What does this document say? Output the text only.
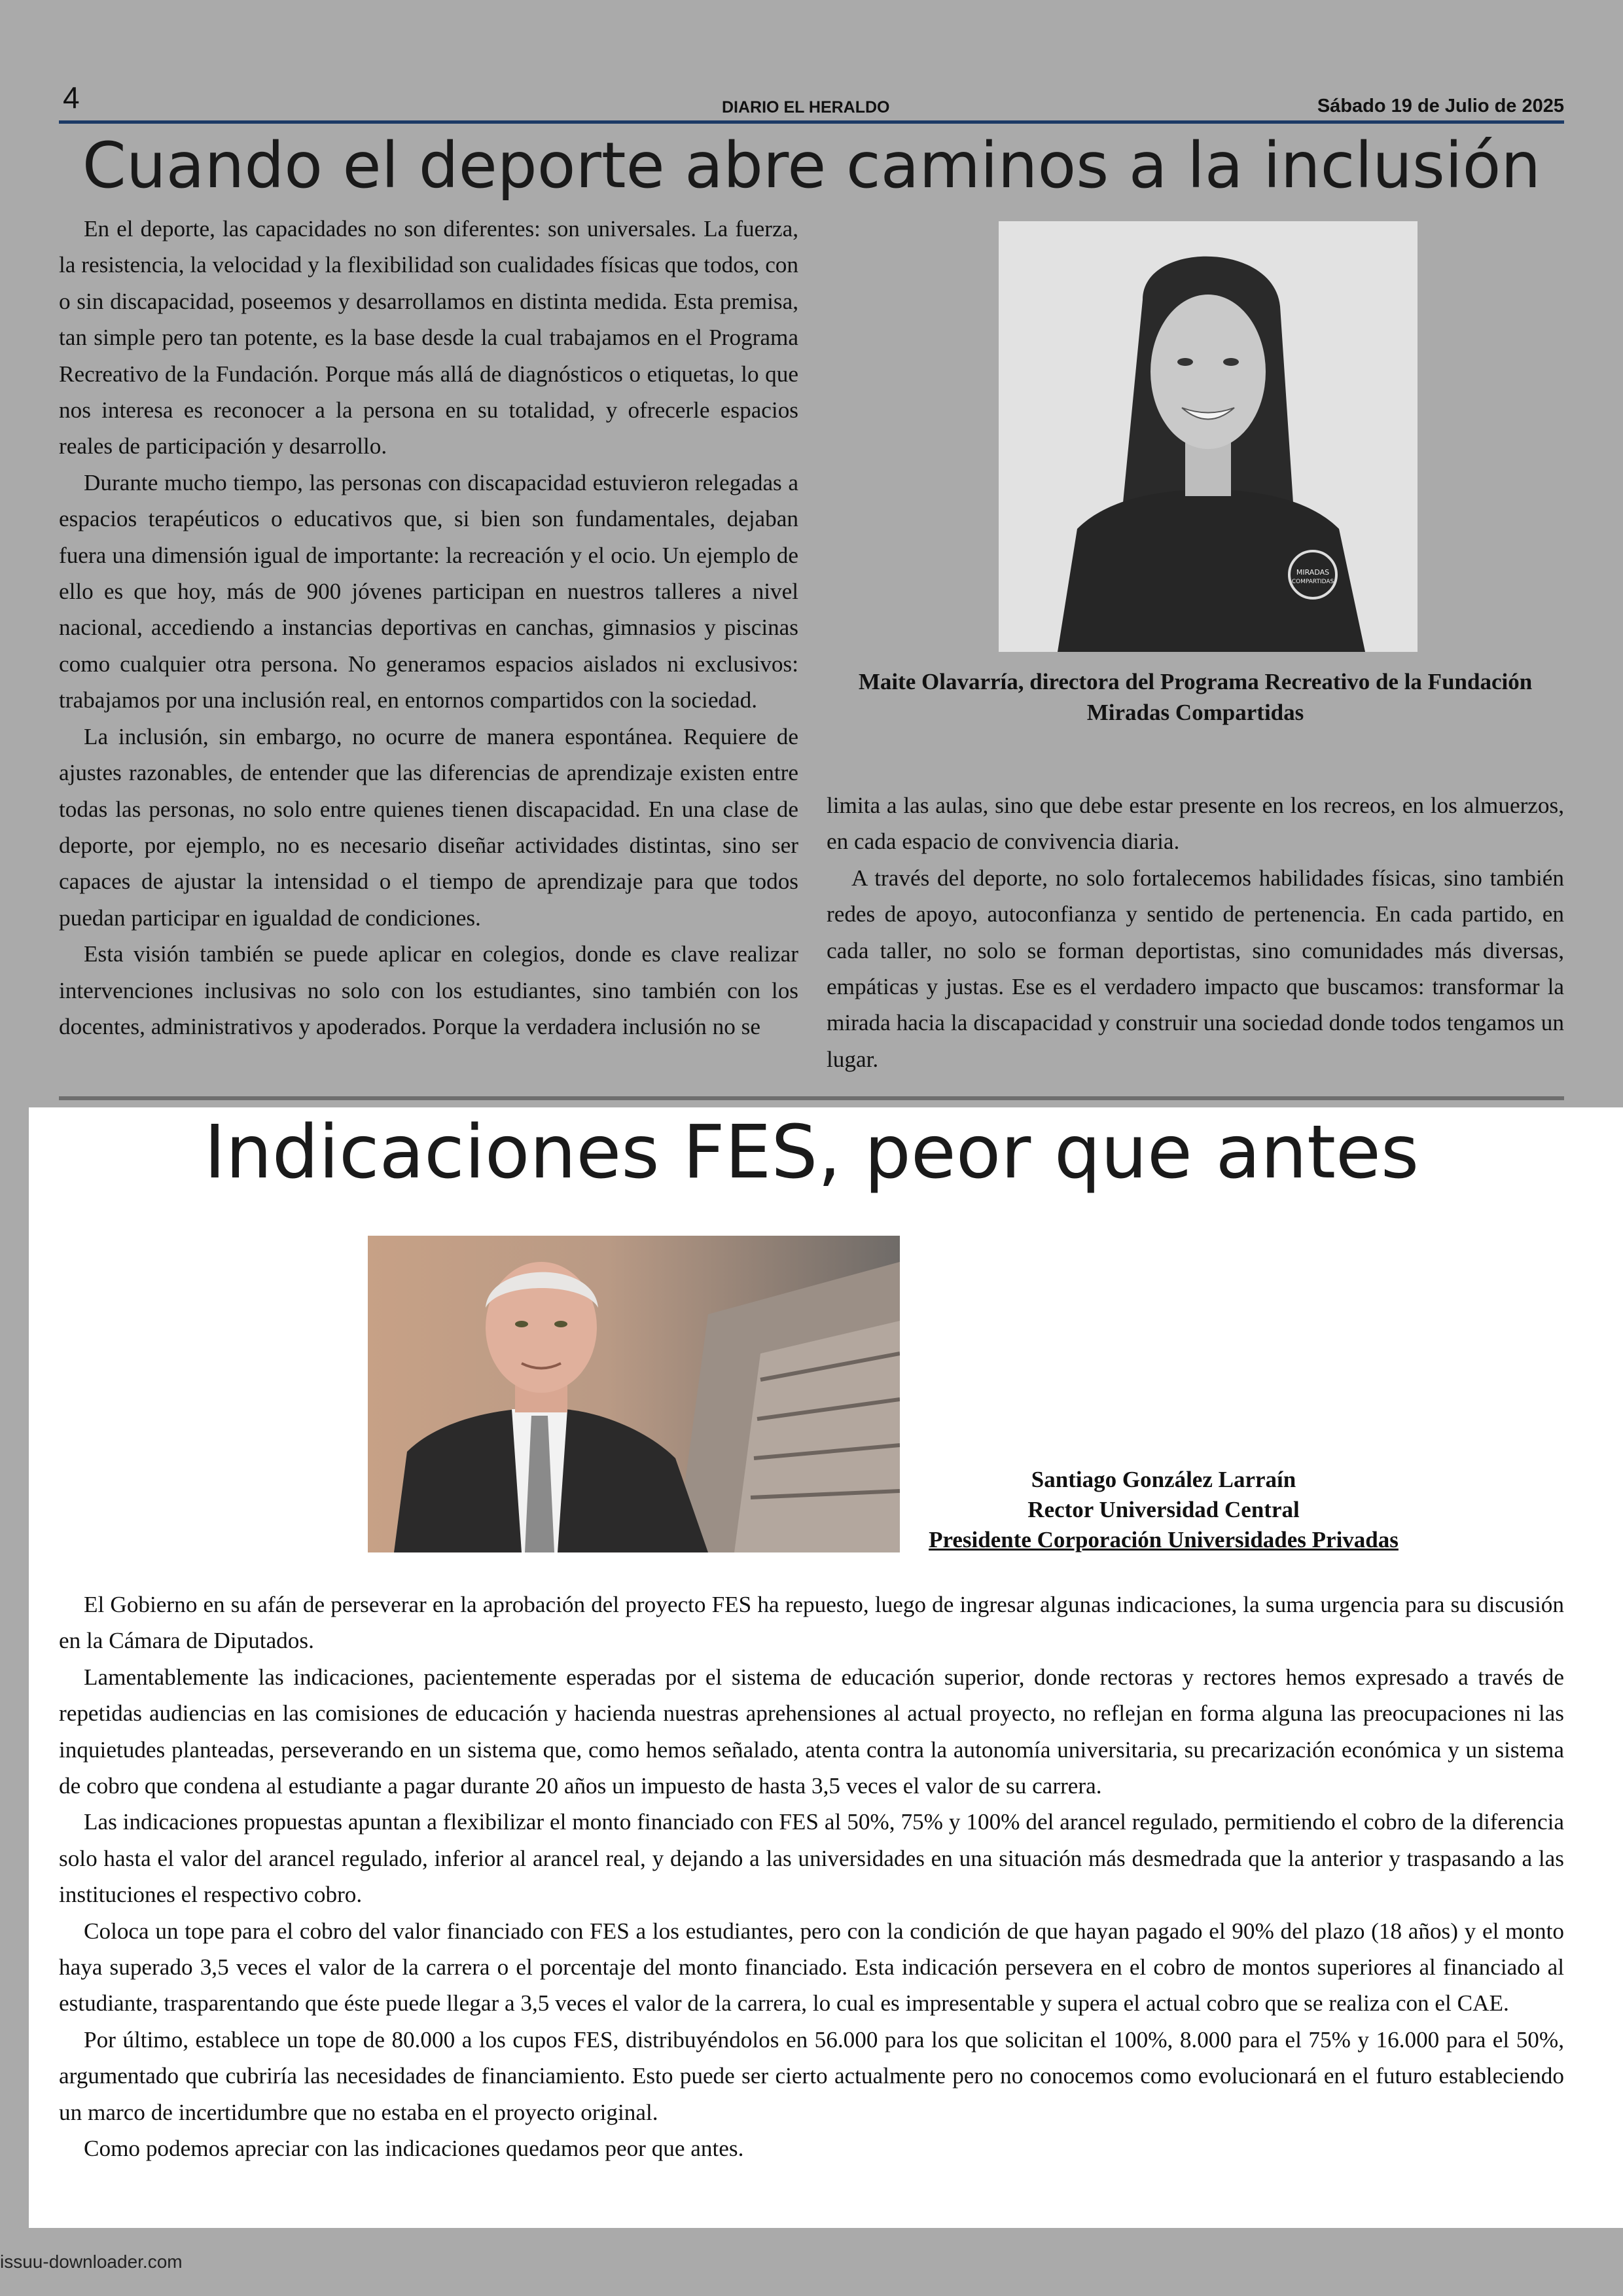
4	DIARIO EL HERALDO	Sábado 19 de Julio de 2025
Cuando el deporte abre caminos a la inclusión

En el deporte, las capacidades no son diferentes: son universales. La fuerza, la resistencia, la velocidad y la flexibilidad son cualidades físicas que todos, con o sin discapacidad, poseemos y desarrollamos en distinta medida. Esta premisa, tan simple pero tan potente, es la base desde la cual trabajamos en el Programa Recreativo de la Fundación. Porque más allá de diagnósticos o etiquetas, lo que nos interesa es reconocer a la persona en su totalidad, y ofrecerle espacios reales de participación y desarrollo.

Durante mucho tiempo, las personas con discapacidad estuvieron relegadas a espacios terapéuticos o educativos que, si bien son fundamentales, dejaban fuera una dimensión igual de importante: la recreación y el ocio. Un ejemplo de ello es que hoy, más de 900 jóvenes participan en nuestros talleres a nivel nacional, accediendo a instancias deportivas en canchas, gimnasios y piscinas como cualquier otra persona. No generamos espacios aislados ni exclusivos: trabajamos por una inclusión real, en entornos compartidos con la sociedad.

La inclusión, sin embargo, no ocurre de manera espontánea. Requiere de ajustes razonables, de entender que las diferencias de aprendizaje existen entre todas las personas, no solo entre quienes tienen discapacidad. En una clase de deporte, por ejemplo, no es necesario diseñar actividades distintas, sino ser capaces de ajustar la intensidad o el tiempo de aprendizaje para que todos puedan participar en igualdad de condiciones.

Esta visión también se puede aplicar en colegios, donde es clave realizar intervenciones inclusivas no solo con los estudiantes, sino también con los docentes, administrativos y apoderados. Porque la verdadera inclusión no se

MIRADAS
COMPARTIDAS
Maite Olavarría, directora del Programa Recreativo de la Fundación Miradas Compartidas

limita a las aulas, sino que debe estar presente en los recreos, en los almuerzos, en cada espacio de convivencia diaria.

A través del deporte, no solo fortalecemos habilidades físicas, sino también redes de apoyo, autoconfianza y sentido de pertenencia. En cada partido, en cada taller, no solo se forman deportistas, sino comunidades más diversas, empáticas y justas. Ese es el verdadero impacto que buscamos: transformar la mirada hacia la discapacidad y construir una sociedad donde todos tengamos un lugar.

Indicaciones FES, peor que antes
Santiago González Larraín
Rector Universidad Central
Presidente Corporación Universidades Privadas

El Gobierno en su afán de perseverar en la aprobación del proyecto FES ha repuesto, luego de ingresar algunas indicaciones, la suma urgencia para su discusión en la Cámara de Diputados.

Lamentablemente las indicaciones, pacientemente esperadas por el sistema de educación superior, donde rectoras y rectores hemos expresado a través de repetidas audiencias en las comisiones de educación y hacienda nuestras aprehensiones al actual proyecto, no reflejan en forma alguna las preocupaciones ni las inquietudes planteadas, perseverando en un sistema que, como hemos señalado, atenta contra la autonomía universitaria, su precarización económica y un sistema de cobro que condena al estudiante a pagar durante 20 años un impuesto de hasta 3,5 veces el valor de su carrera.

Las indicaciones propuestas apuntan a flexibilizar el monto financiado con FES al 50%, 75% y 100% del arancel regulado, permitiendo el cobro de la diferencia solo hasta el valor del arancel regulado, inferior al arancel real, y dejando a las universidades en una situación más desmedrada que la anterior y traspasando a las instituciones el respectivo cobro.

Coloca un tope para el cobro del valor financiado con FES a los estudiantes, pero con la condición de que hayan pagado el 90% del plazo (18 años) y el monto haya superado 3,5 veces el valor de la carrera o el porcentaje del monto financiado. Esta indicación persevera en el cobro de montos superiores al financiado al estudiante, trasparentando que éste puede llegar a 3,5 veces el valor de la carrera, lo cual es impresentable y supera el actual cobro que se realiza con el CAE.

Por último, establece un tope de 80.000 a los cupos FES, distribuyéndolos en 56.000 para los que solicitan el 100%, 8.000 para el 75% y 16.000 para el 50%, argumentado que cubriría las necesidades de financiamiento. Esto puede ser cierto actualmente pero no conocemos como evolucionará en el futuro estableciendo un marco de incertidumbre que no estaba en el proyecto original.

Como podemos apreciar con las indicaciones quedamos peor que antes.

issuu-downloader.com
